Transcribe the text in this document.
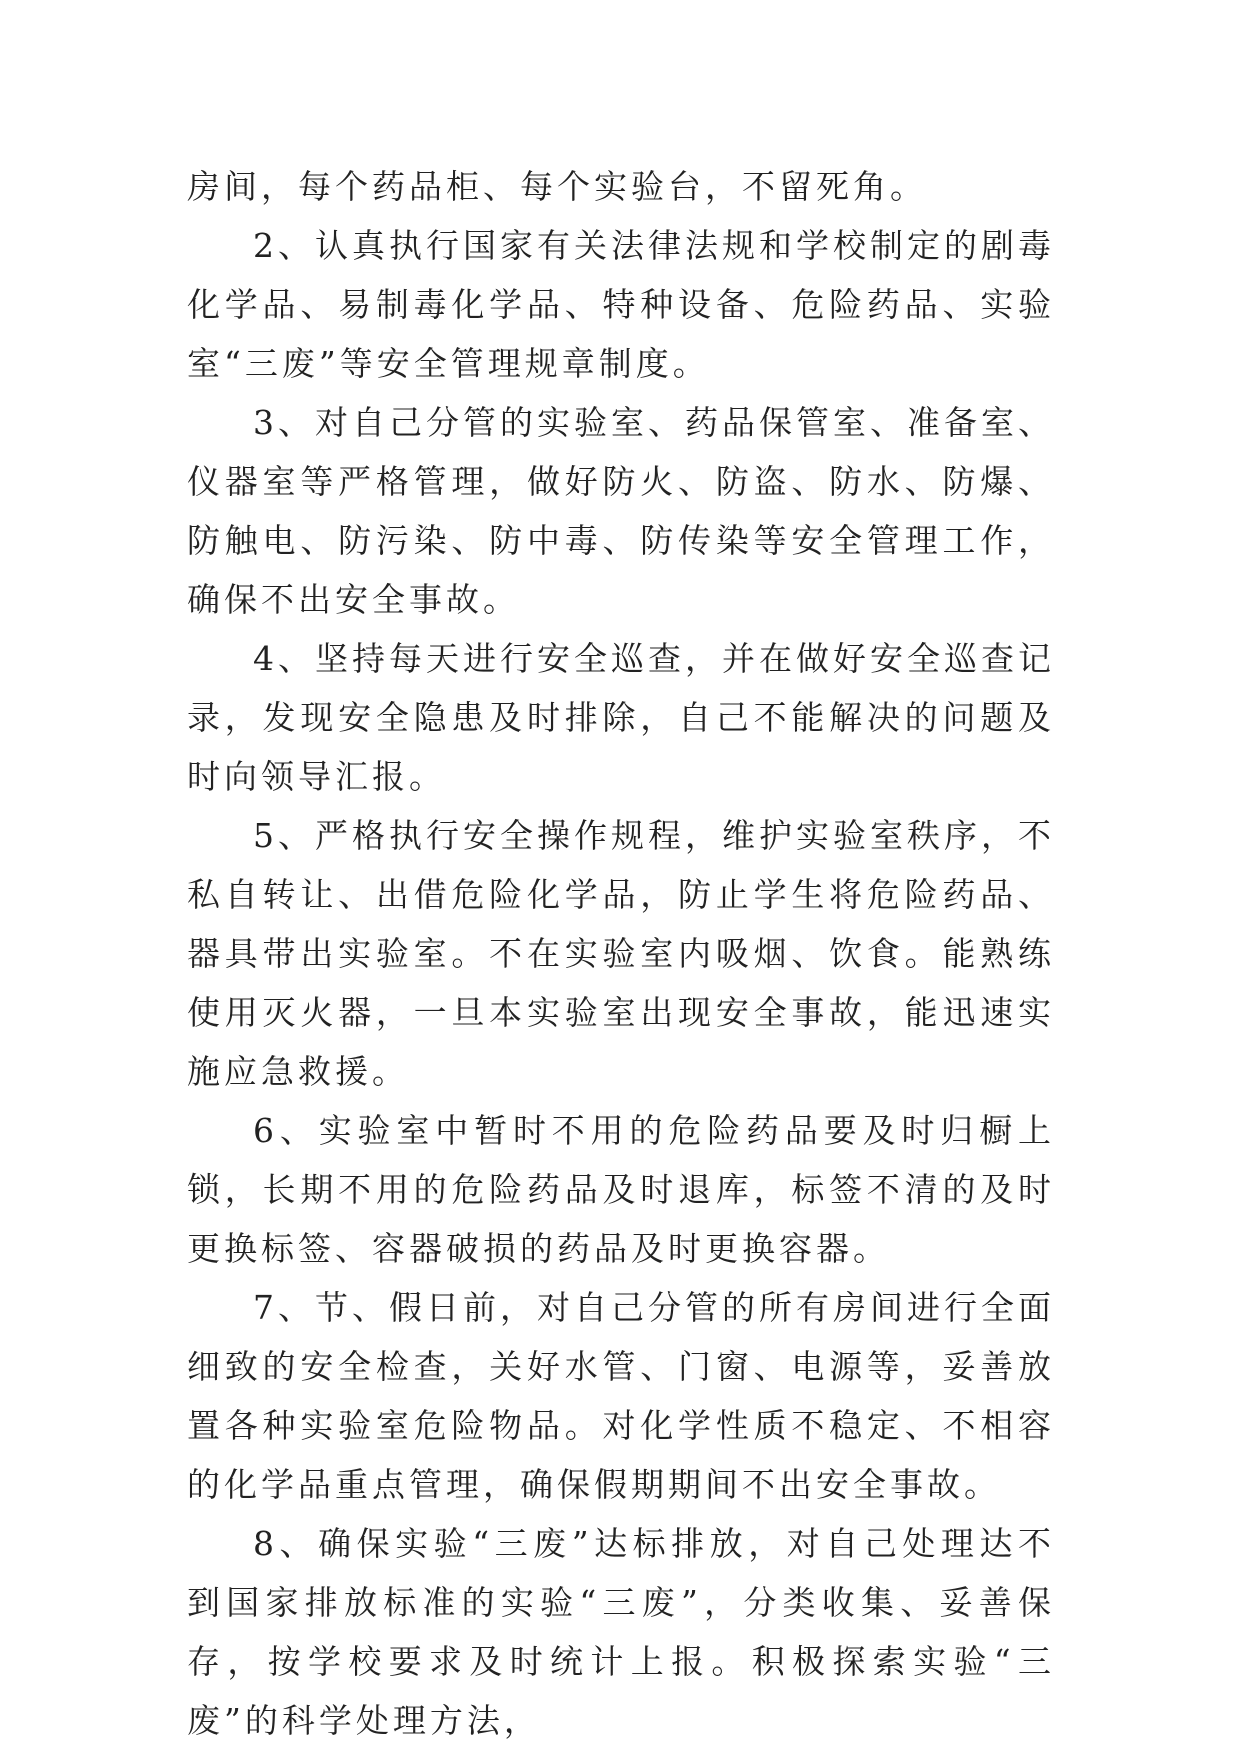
房间，每个药品柜、每个实验台，不留死角。

2、认真执行国家有关法律法规和学校制定的剧毒化学品、易制毒化学品、特种设备、危险药品、实验室“三废”等安全管理规章制度。

3、对自己分管的实验室、药品保管室、准备室、仪器室等严格管理，做好防火、防盗、防水、防爆、防触电、防污染、防中毒、防传染等安全管理工作，确保不出安全事故。

4、坚持每天进行安全巡查，并在做好安全巡查记录，发现安全隐患及时排除，自己不能解决的问题及时向领导汇报。

5、严格执行安全操作规程，维护实验室秩序，不私自转让、出借危险化学品，防止学生将危险药品、器具带出实验室。不在实验室内吸烟、饮食。能熟练使用灭火器，一旦本实验室出现安全事故，能迅速实施应急救援。

6、实验室中暂时不用的危险药品要及时归橱上锁，长期不用的危险药品及时退库，标签不清的及时更换标签、容器破损的药品及时更换容器。

7、节、假日前，对自己分管的所有房间进行全面细致的安全检查，关好水管、门窗、电源等，妥善放置各种实验室危险物品。对化学性质不稳定、不相容的化学品重点管理，确保假期期间不出安全事故。

8、确保实验“三废”达标排放，对自己处理达不到国家排放标准的实验“三废”，分类收集、妥善保存，按学校要求及时统计上报。积极探索实验“三废”的科学处理方法，
